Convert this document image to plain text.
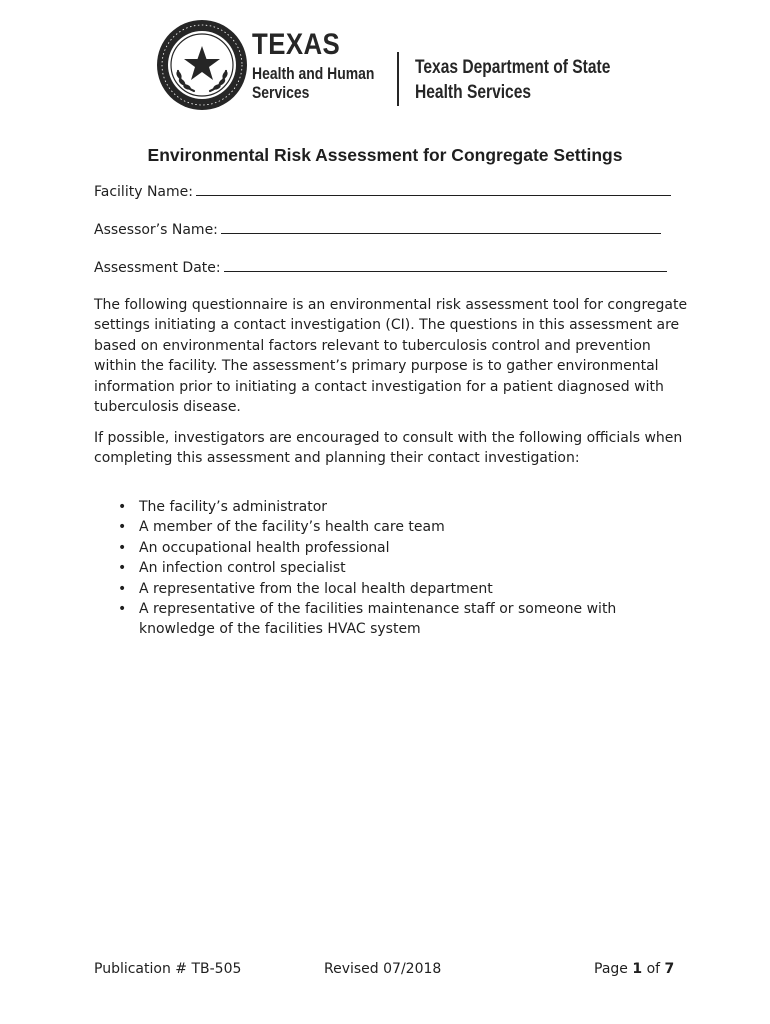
TEXAS
Health and Human Services
Texas Department of State Health Services
Environmental Risk Assessment for Congregate Settings
Facility Name:
Assessor’s Name:
Assessment Date:

The following questionnaire is an environmental risk assessment tool for congregate settings initiating a contact investigation (CI). The questions in this assessment are based on environmental factors relevant to tuberculosis control and prevention within the facility. The assessment’s primary purpose is to gather environmental information prior to initiating a contact investigation for a patient diagnosed with tuberculosis disease.

If possible, investigators are encouraged to consult with the following officials when completing this assessment and planning their contact investigation:

• The facility’s administrator
• A member of the facility’s health care team
• An occupational health professional
• An infection control specialist
• A representative from the local health department
• A representative of the facilities maintenance staff or someone with knowledge of the facilities HVAC system
Publication # TB-505	Revised 07/2018	Page 1 of 7
